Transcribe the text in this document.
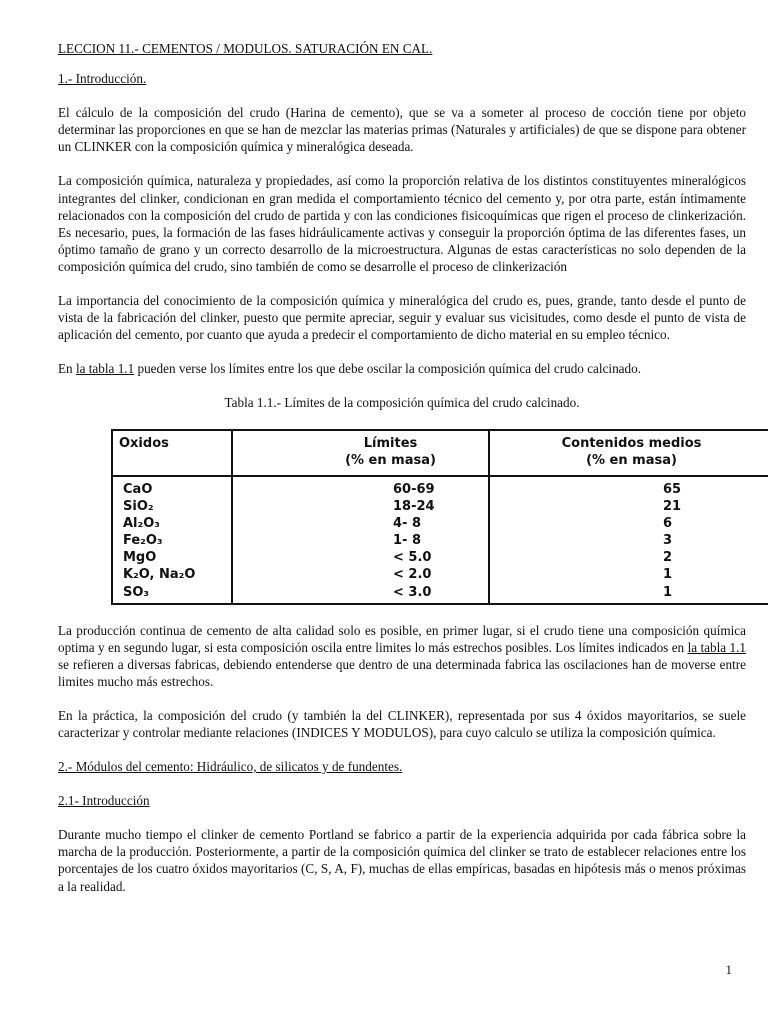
LECCION 11.- CEMENTOS / MODULOS. SATURACIÓN EN CAL.

1.- Introducción.

El cálculo de la composición del crudo (Harina de cemento), que se va a someter al proceso de cocción tiene por objeto determinar las proporciones en que se han de mezclar las materias primas (Naturales y artificiales) de que se dispone para obtener un CLINKER con la composición química y mineralógica deseada.

La composición química, naturaleza y propiedades, así como la proporción relativa de los distintos constituyentes mineralógicos integrantes del clinker, condicionan en gran medida el comportamiento técnico del cemento y, por otra parte, están íntimamente relacionados con la composición del crudo de partida y con las condiciones fisicoquímicas que rigen el proceso de clinkerización. Es necesario, pues, la formación de las fases hidráulicamente activas y conseguir la proporción óptima de las diferentes fases, un óptimo tamaño de grano y un correcto desarrollo de la microestructura. Algunas de estas características no solo dependen de la composición química del crudo, sino también de como se desarrolle el proceso de clinkerización

La importancia del conocimiento de la composición química y mineralógica del crudo es, pues, grande, tanto desde el punto de vista de la fabricación del clinker, puesto que permite apreciar, seguir y evaluar sus vicisitudes, como desde el punto de vista de aplicación del cemento, por cuanto que ayuda a predecir el comportamiento de dicho material en su empleo técnico.

En la tabla 1.1 pueden verse los límites entre los que debe oscilar la composición química del crudo calcinado.

Tabla 1.1.- Límites de la composición química del crudo calcinado.

Oxidos	Límites
(% en masa)
Contenidos medios
(% en masa)
CaO
SiO₂
Al₂O₃
Fe₂O₃
MgO
K₂O, Na₂O
SO₃
60-69
18-24
4- 8
1- 8
< 5.0
< 2.0
< 3.0
65
21
6
3
2
1
1

La producción continua de cemento de alta calidad solo es posible, en primer lugar, si el crudo tiene una composición química optima y en segundo lugar, si esta composición oscila entre limites lo más estrechos posibles. Los límites indicados en la tabla 1.1 se refieren a diversas fabricas, debiendo entenderse que dentro de una determinada fabrica las oscilaciones han de moverse entre limites mucho más estrechos.

En la práctica, la composición del crudo (y también la del CLINKER), representada por sus 4 óxidos mayoritarios, se suele caracterizar y controlar mediante relaciones (INDICES Y MODULOS), para cuyo calculo se utiliza la composición química.

2.- Módulos del cemento: Hidráulico, de silicatos y de fundentes.

2.1- Introducción

Durante mucho tiempo el clinker de cemento Portland se fabrico a partir de la experiencia adquirida por cada fábrica sobre la marcha de la producción. Posteriormente, a partir de la composición química del clinker se trato de establecer relaciones entre los porcentajes de los cuatro óxidos mayoritarios (C, S, A, F), muchas de ellas empíricas, basadas en hipótesis más o menos próximas a la realidad.

1
